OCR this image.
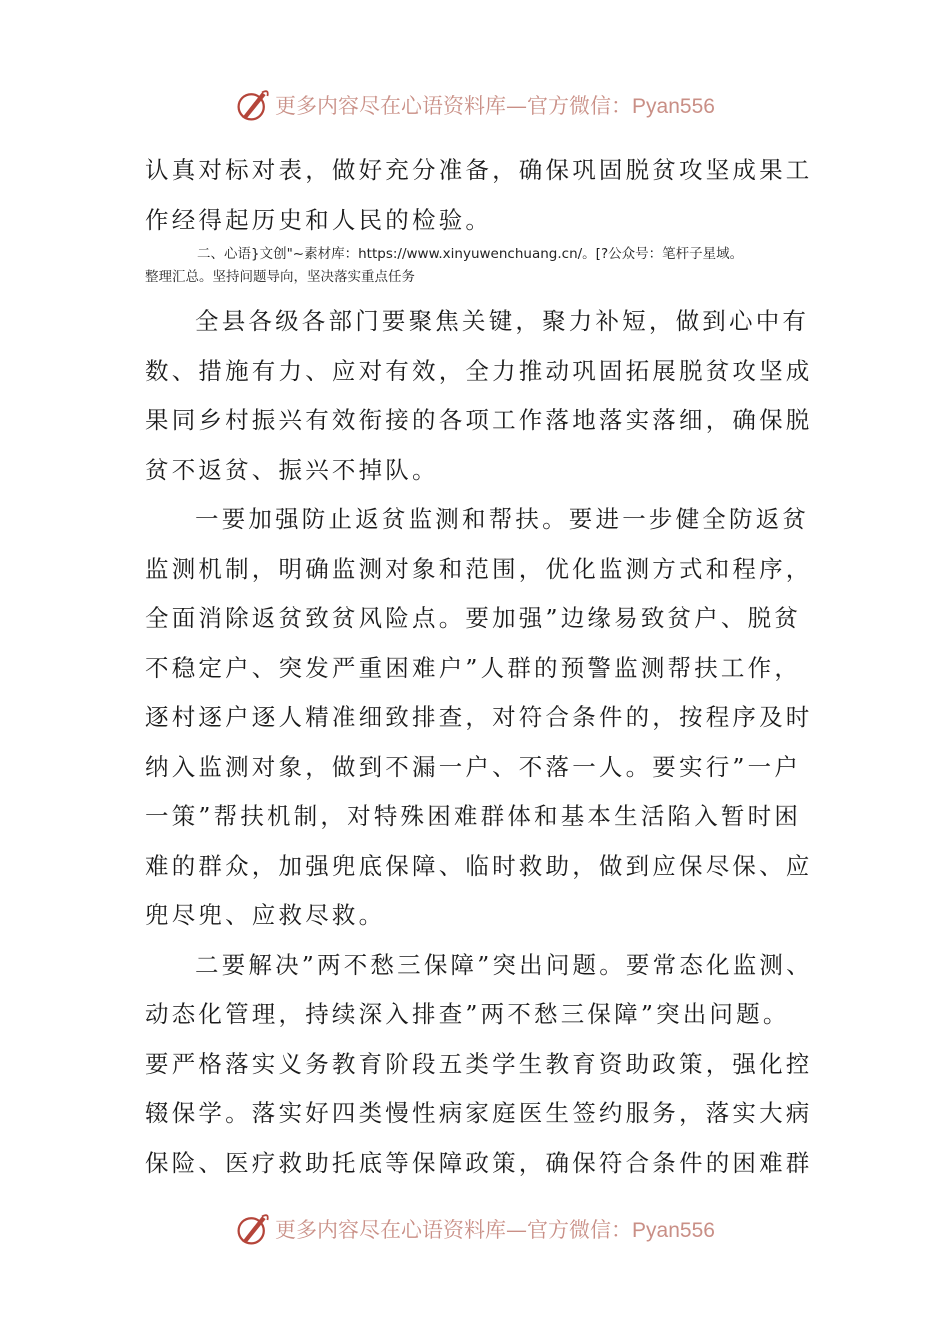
更多内容尽在心语资料库—官方微信：Pyan556
认真对标对表，做好充分准备，确保巩固脱贫攻坚成果工
作经得起历史和人民的检验。
二、心语}文创"~素材库：https://www.xinyuwenchuang.cn/。[?公众号：笔杆子星域。
整理汇总。坚持问题导向，坚决落实重点任务
全县各级各部门要聚焦关键，聚力补短，做到心中有
数、措施有力、应对有效，全力推动巩固拓展脱贫攻坚成
果同乡村振兴有效衔接的各项工作落地落实落细，确保脱
贫不返贫、振兴不掉队。
一要加强防止返贫监测和帮扶。要进一步健全防返贫
监测机制，明确监测对象和范围，优化监测方式和程序，
全面消除返贫致贫风险点。要加强”边缘易致贫户、脱贫
不稳定户、突发严重困难户”人群的预警监测帮扶工作，
逐村逐户逐人精准细致排查，对符合条件的，按程序及时
纳入监测对象，做到不漏一户、不落一人。要实行”一户
一策”帮扶机制，对特殊困难群体和基本生活陷入暂时困
难的群众，加强兜底保障、临时救助，做到应保尽保、应
兜尽兜、应救尽救。
二要解决”两不愁三保障”突出问题。要常态化监测、
动态化管理，持续深入排查”两不愁三保障”突出问题。
要严格落实义务教育阶段五类学生教育资助政策，强化控
辍保学。落实好四类慢性病家庭医生签约服务，落实大病
保险、医疗救助托底等保障政策，确保符合条件的困难群
更多内容尽在心语资料库—官方微信：Pyan556
